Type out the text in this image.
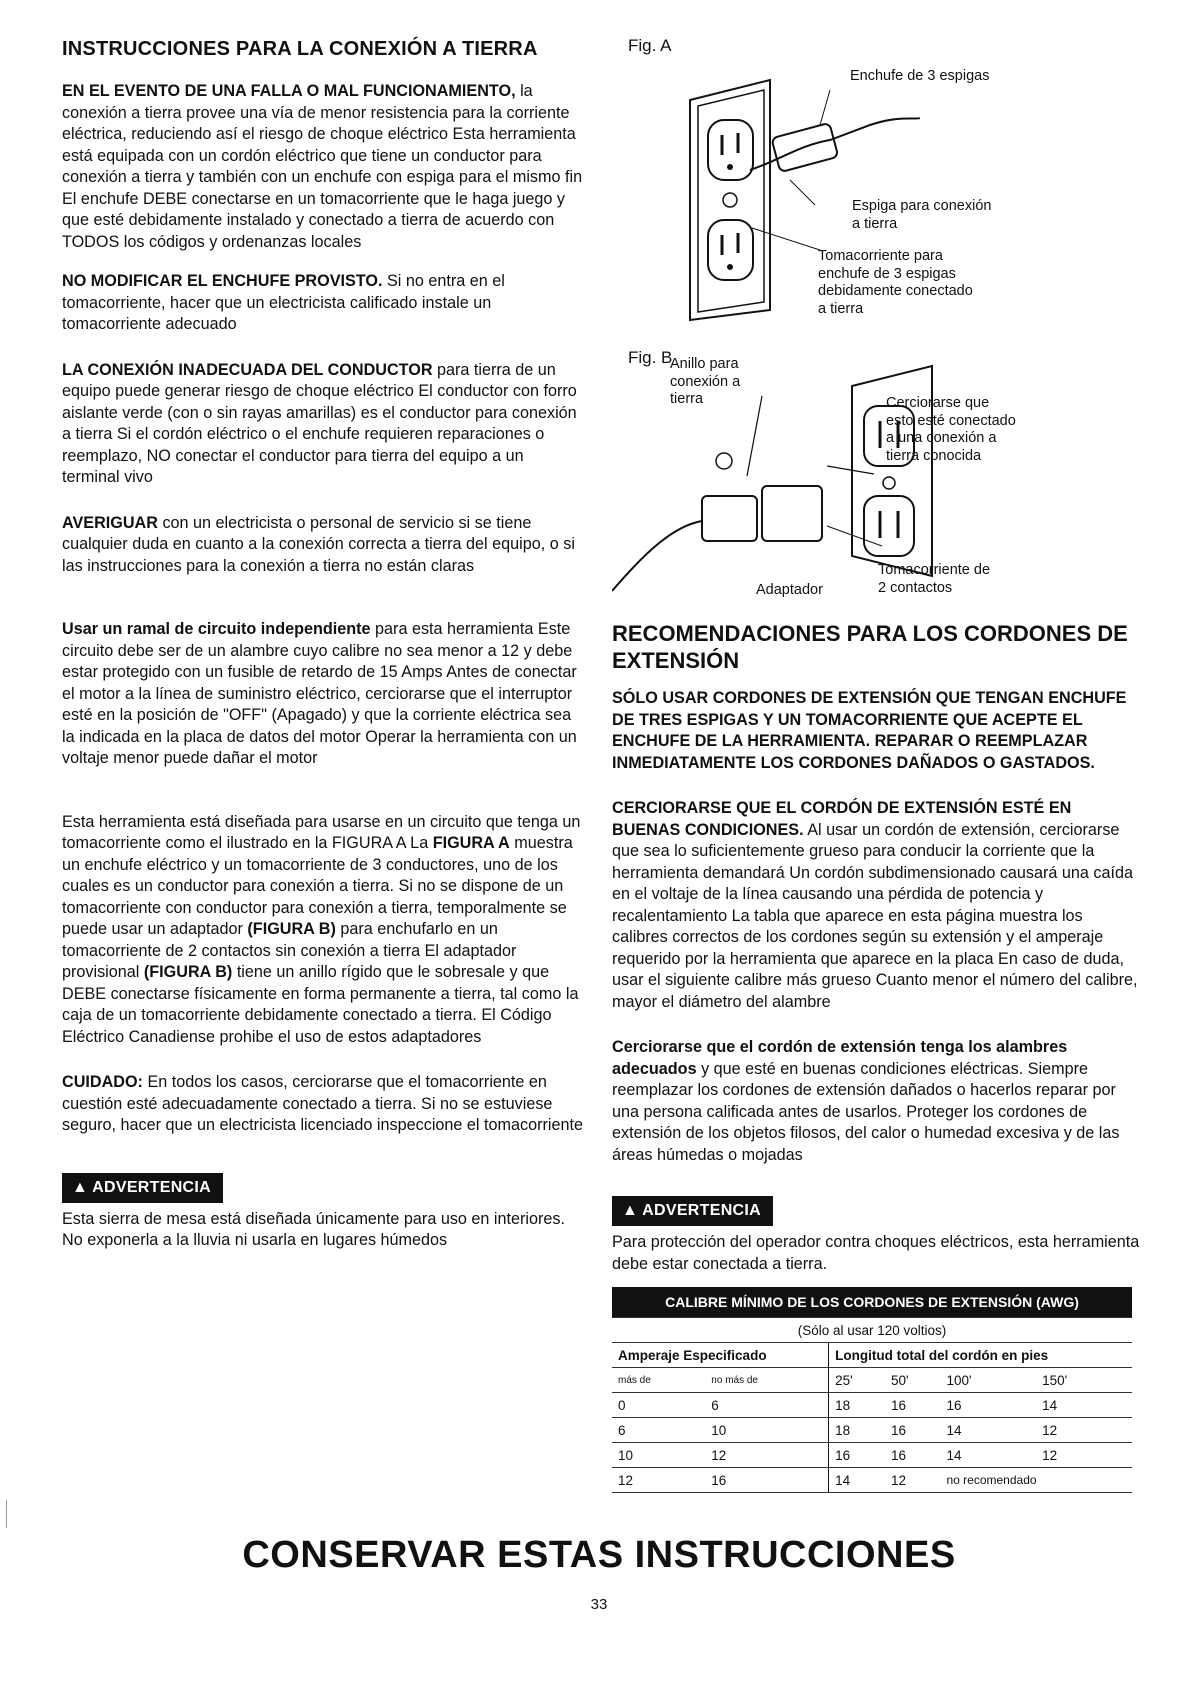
INSTRUCCIONES PARA LA CONEXIÓN A TIERRA

EN EL EVENTO DE UNA FALLA O MAL FUNCIONAMIENTO, la conexión a tierra provee una vía de menor resistencia para la corriente eléctrica, reduciendo así el riesgo de choque eléctrico Esta herramienta está equipada con un cordón eléctrico que tiene un conductor para conexión a tierra y también con un enchufe con espiga para el mismo fin El enchufe DEBE conectarse en un tomacorriente que le haga juego y que esté debidamente instalado y conectado a tierra de acuerdo con TODOS los códigos y ordenanzas locales

NO MODIFICAR EL ENCHUFE PROVISTO. Si no entra en el tomacorriente, hacer que un electricista calificado instale un tomacorriente adecuado

LA CONEXIÓN INADECUADA DEL CONDUCTOR para tierra de un equipo puede generar riesgo de choque eléctrico El conductor con forro aislante verde (con o sin rayas amarillas) es el conductor para conexión a tierra Si el cordón eléctrico o el enchufe requieren reparaciones o reemplazo, NO conectar el conductor para tierra del equipo a un terminal vivo

AVERIGUAR con un electricista o personal de servicio si se tiene cualquier duda en cuanto a la conexión correcta a tierra del equipo, o si las instrucciones para la conexión a tierra no están claras

Usar un ramal de circuito independiente para esta herramienta Este circuito debe ser de un alambre cuyo calibre no sea menor a 12 y debe estar protegido con un fusible de retardo de 15 Amps Antes de conectar el motor a la línea de suministro eléctrico, cerciorarse que el interruptor esté en la posición de "OFF" (Apagado) y que la corriente eléctrica sea la indicada en la placa de datos del motor Operar la herramienta con un voltaje menor puede dañar el motor

Esta herramienta está diseñada para usarse en un circuito que tenga un tomacorriente como el ilustrado en la FIGURA A La FIGURA A muestra un enchufe eléctrico y un tomacorriente de 3 conductores, uno de los cuales es un conductor para conexión a tierra. Si no se dispone de un tomacorriente con conductor para conexión a tierra, temporalmente se puede usar un adaptador (FIGURA B) para enchufarlo en un tomacorriente de 2 contactos sin conexión a tierra El adaptador provisional (FIGURA B) tiene un anillo rígido que le sobresale y que DEBE conectarse físicamente en forma permanente a tierra, tal como la caja de un tomacorriente debidamente conectado a tierra. El Código Eléctrico Canadiense prohibe el uso de estos adaptadores

CUIDADO: En todos los casos, cerciorarse que el tomacorriente en cuestión esté adecuadamente conectado a tierra. Si no se estuviese seguro, hacer que un electricista licenciado inspeccione el tomacorriente

▲ ADVERTENCIA

Esta sierra de mesa está diseñada únicamente para uso en interiores. No exponerla a la lluvia ni usarla en lugares húmedos

Fig. A
Enchufe de 3 espigas
Espiga para conexión a tierra
Tomacorriente para enchufe de 3 espigas debidamente conectado a tierra
Fig. B
Anillo para conexión a tierra	Cerciorarse que esto esté conectado a una conexión a tierra conocida
Adaptador
Tomacorriente de 2 contactos
RECOMENDACIONES PARA LOS CORDONES DE EXTENSIÓN

SÓLO USAR CORDONES DE EXTENSIÓN QUE TENGAN ENCHUFE DE TRES ESPIGAS Y UN TOMACORRIENTE QUE ACEPTE EL ENCHUFE DE LA HERRAMIENTA. REPARAR O REEMPLAZAR INMEDIATAMENTE LOS CORDONES DAÑADOS O GASTADOS.

CERCIORARSE QUE EL CORDÓN DE EXTENSIÓN ESTÉ EN BUENAS CONDICIONES. Al usar un cordón de extensión, cerciorarse que sea lo suficientemente grueso para conducir la corriente que la herramienta demandará Un cordón subdimensionado causará una caída en el voltaje de la línea causando una pérdida de potencia y recalentamiento La tabla que aparece en esta página muestra los calibres correctos de los cordones según su extensión y el amperaje requerido por la herramienta que aparece en la placa En caso de duda, usar el siguiente calibre más grueso Cuanto menor el número del calibre, mayor el diámetro del alambre

Cerciorarse que el cordón de extensión tenga los alambres adecuados y que esté en buenas condiciones eléctricas. Siempre reemplazar los cordones de extensión dañados o hacerlos reparar por una persona calificada antes de usarlos. Proteger los cordones de extensión de los objetos filosos, del calor o humedad excesiva y de las áreas húmedas o mojadas

▲ ADVERTENCIA

Para protección del operador contra choques eléctricos, esta herramienta debe estar conectada a tierra.

CALIBRE MÍNIMO DE LOS CORDONES DE EXTENSIÓN (AWG)					
(Sólo al usar 120 voltios)					
Amperaje Especificado		Longitud total del cordón en pies			
más de	no más de	25'	50'	100'	150'
0	6	18	16	16	14
6	10	18	16	14	12
10	12	16	16	14	12
12	16	14	12	no recomendado	
CONSERVAR ESTAS INSTRUCCIONES
33
